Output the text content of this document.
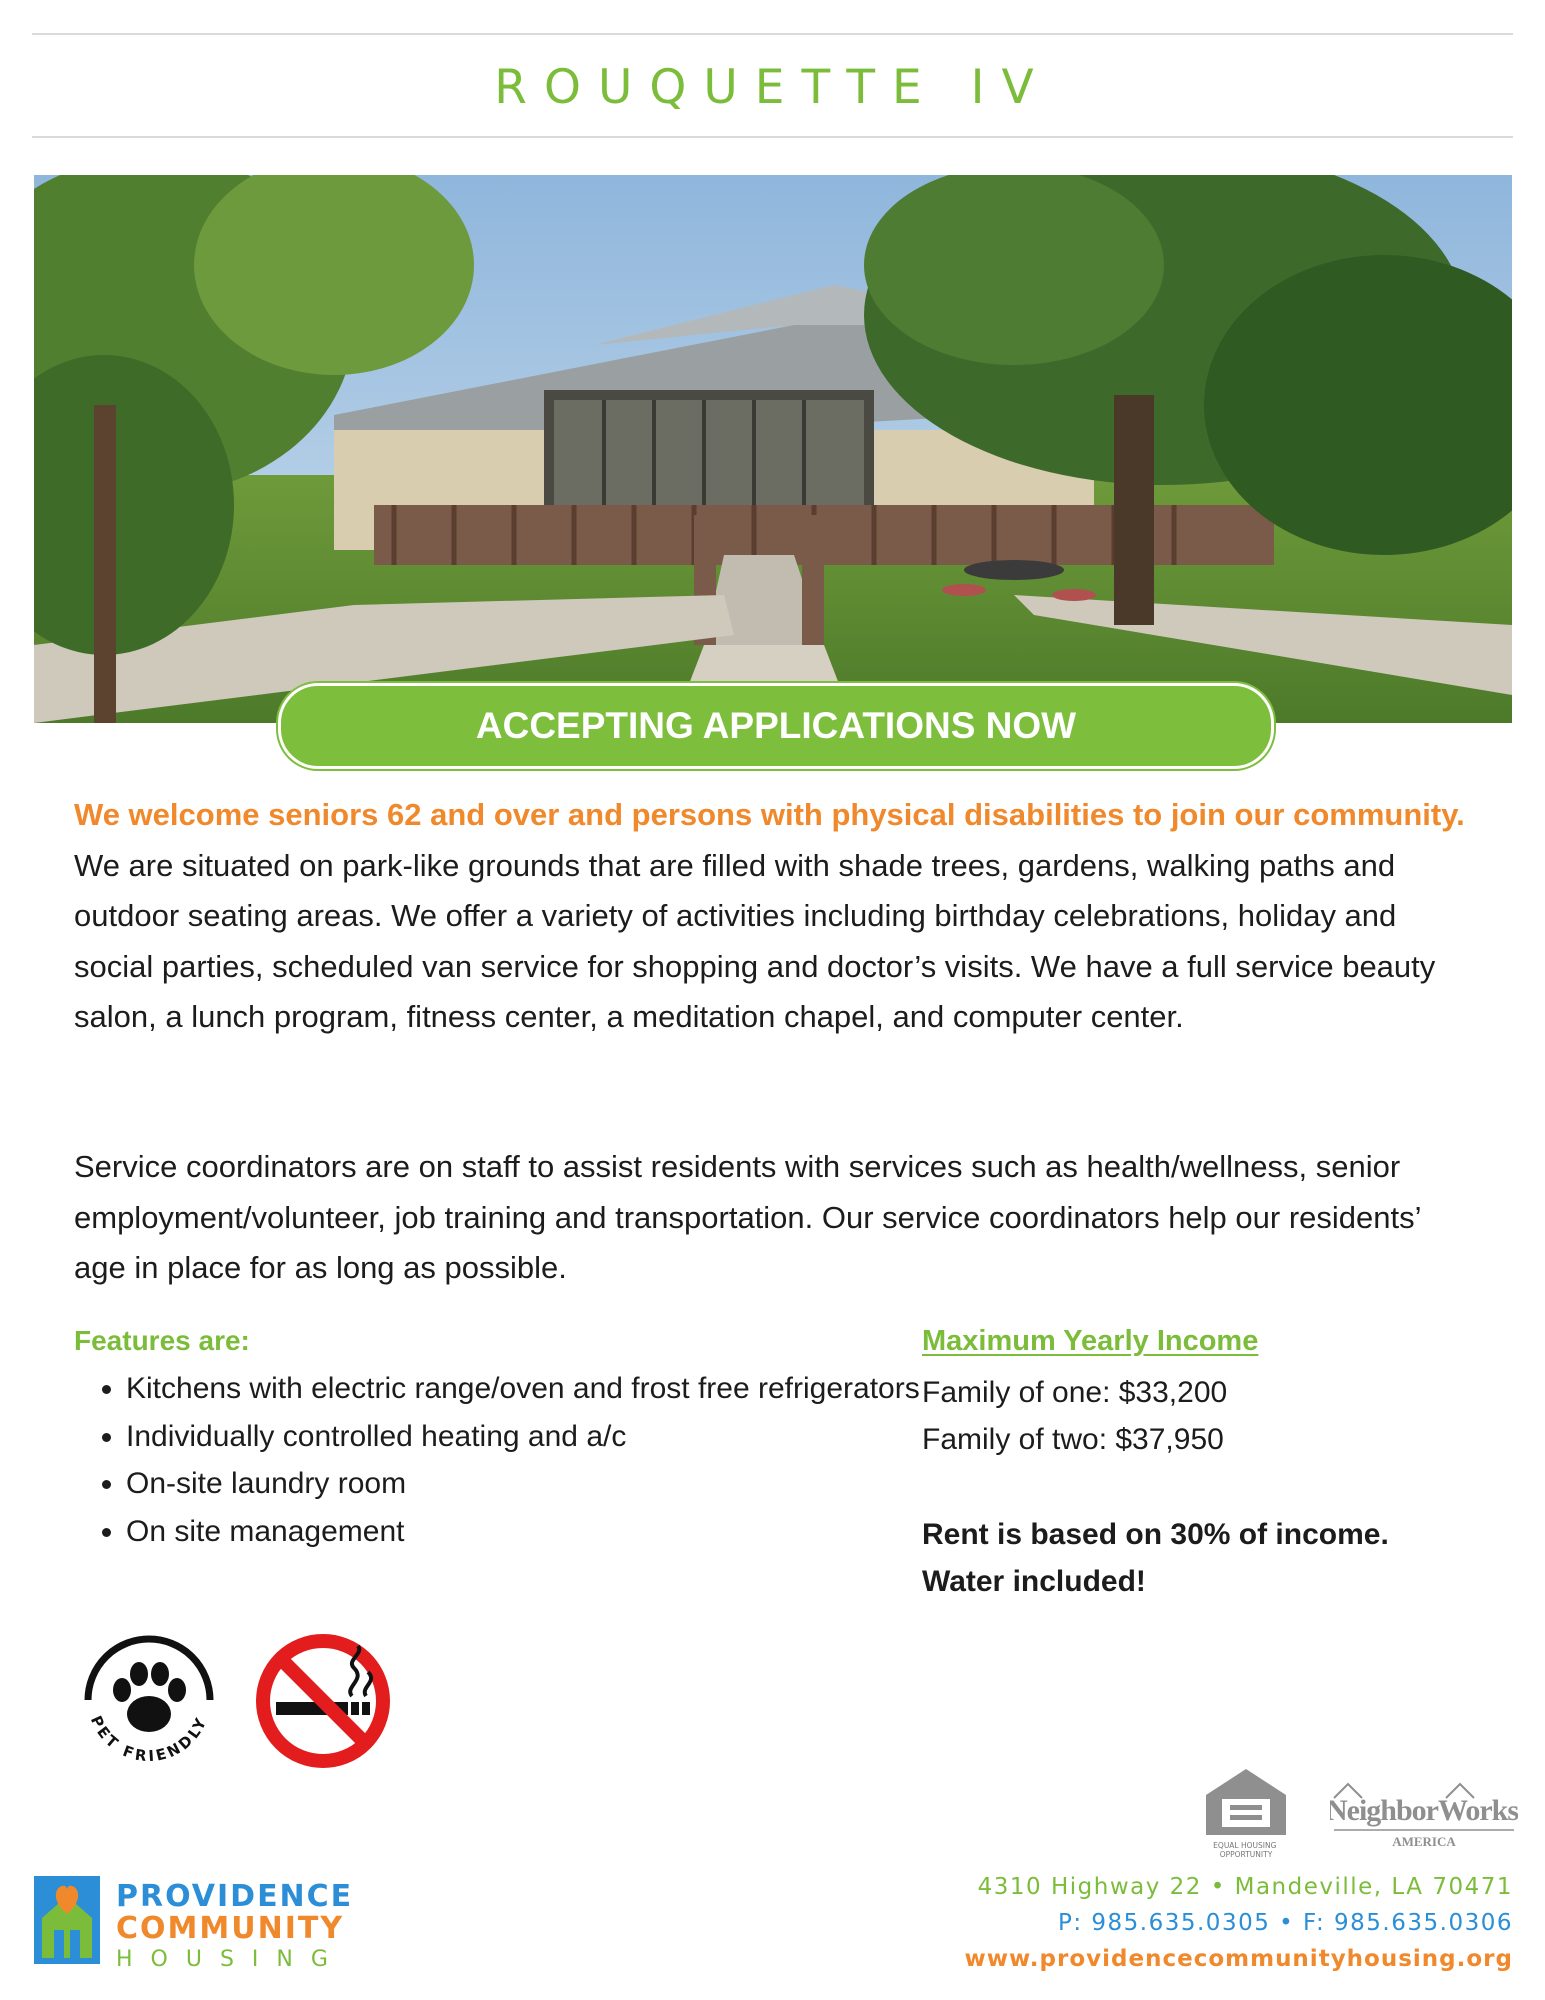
ROUQUETTE IV
ACCEPTING APPLICATIONS NOW

We welcome seniors 62 and over and persons with physical disabilities to join our community. We are situated on park-like grounds that are filled with shade trees, gardens, walking paths and outdoor seating areas. We offer a variety of activities including birthday celebrations, holiday and social parties, scheduled van service for shopping and doctor’s visits. We have a full service beauty salon, a lunch program, fitness center, a meditation chapel, and computer center.

Service coordinators are on staff to assist residents with services such as health/wellness, senior employment/volunteer, job training and transportation. Our service coordinators help our residents’ age in place for as long as possible.

Features are:
• Kitchens with electric range/oven and frost free refrigerators
• Individually controlled heating and a/c
• On-site laundry room
• On site management
Maximum Yearly Income
Family of one: $33,200
Family of two: $37,950
Rent is based on 30% of income.
Water included!
PET FRIENDLY
EQUAL HOUSING OPPORTUNITY
NeighborWorks
AMERICA
PROVIDENCE
COMMUNITY
HOUSING
4310 Highway 22 • Mandeville, LA 70471
P: 985.635.0305 • F: 985.635.0306
www.providencecommunityhousing.org
